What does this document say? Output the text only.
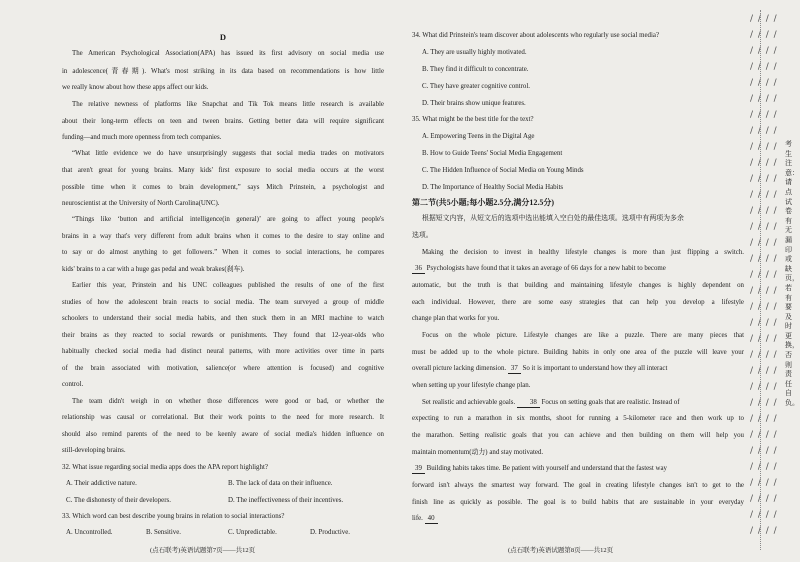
D
The American Psychological Association(APA) has issued its first advisory on social media use
in adolescence(青春期). What's most striking in its data based on recommendations is how little
we really know about how these apps affect our kids.
The relative newness of platforms like Snapchat and Tik Tok means little research is available
about their long-term effects on teen and tween brains. Getting better data will require significant
funding—and much more openness from tech companies.
“What little evidence we do have unsurprisingly suggests that social media trades on motivators
that aren't great for young brains. Many kids' first exposure to social media occurs at the worst
possible time when it comes to brain development,” says Mitch Prinstein, a psychologist and
neuroscientist at the University of North Carolina(UNC).
“Things like ‘button and artificial intelligence(in general)’ are going to affect young people's
brains in a way that's very different from adult brains when it comes to the desire to stay online and
to say or do almost anything to get followers.” When it comes to social interactions, he compares
kids' brains to a car with a huge gas pedal and weak brakes(刹车).
Earlier this year, Prinstein and his UNC colleagues published the results of one of the first
studies of how the adolescent brain reacts to social media. The team surveyed a group of middle
schoolers to understand their social media habits, and then stuck them in an MRI machine to watch
their brains as they reacted to social rewards or punishments. They found that 12-year-olds who
habitually checked social media had distinct neural patterns, with more activities over time in parts
of the brain associated with motivation, salience(or where attention is focused) and cognitive
control.
The team didn't weigh in on whether those differences were good or bad, or whether the
relationship was causal or correlational. But their work points to the need for more research. It
should also remind parents of the need to be keenly aware of social media's hidden influence on
still-developing brains.
32. What issue regarding social media apps does the APA report highlight?
A. Their addictive nature.	B. The lack of data on their influence.
C. The dishonesty of their developers.	D. The ineffectiveness of their incentives.
33. Which word can best describe young brains in relation to social interactions?
A. Uncontrolled.	B. Sensitive.	C. Unpredictable.	D. Productive.
(点石联考)英语试题第7页——共12页
34. What did Prinstein's team discover about adolescents who regularly use social media?
A. They are usually highly motivated.
B. They find it difficult to concentrate.
C. They have greater cognitive control.
D. Their brains show unique features.
35. What might be the best title for the text?
A. Empowering Teens in the Digital Age
B. How to Guide Teens' Social Media Engagement
C. The Hidden Influence of Social Media on Young Minds
D. The Importance of Healthy Social Media Habits
第二节(共5小题;每小题2.5分,满分12.5分)
根据短文内容，从短文后的选项中选出能填入空白处的最佳选项。选项中有两项为多余
选项。
Making the decision to invest in healthy lifestyle changes is more than just flipping a switch.
36 Psychologists have found that it takes an average of 66 days for a new habit to become
automatic, but the truth is that building and maintaining lifestyle changes is highly dependent on
each individual. However, there are some easy strategies that can help you develop a lifestyle
change plan that works for you.
Focus on the whole picture. Lifestyle changes are like a puzzle. There are many pieces that
must be added up to the whole picture. Building habits in only one area of the puzzle will leave your
overall picture lacking dimension. 37 So it is important to understand how they all interact
when setting up your lifestyle change plan.
Set realistic and achievable goals. 38 Focus on setting goals that are realistic. Instead of
expecting to run a marathon in six months, shoot for running a 5-kilometer race and then work up to
the marathon. Setting realistic goals that you can achieve and then building on them will help you
maintain momentum(动力) and stay motivated.
39 Building habits takes time. Be patient with yourself and understand that the fastest way
forward isn't always the smartest way forward. The goal in creating lifestyle changes isn't to get to the
finish line as quickly as possible. The goal is to build habits that are sustainable in your everyday
life. 40
(点石联考)英语试题第8页——共12页
/ / / /
/ / / /
/ / / /
/ / / /
/ / / /
/ / / /
/ / / /
/ / / /
/ / / /
/ / / /
/ / / /
/ / / /
/ / / /
/ / / /
/ / / /
/ / / /
/ / / /
/ / / /
/ / / /
/ / / /
/ / / /
/ / / /
/ / / /
/ / / /
/ / / /
/ / / /
/ / / /
/ / / /
/ / / /
/ / / /
/ / / /
/ / / /
/ / / /
考生注意：请点试卷有无漏印或缺页，若有要及时更换，否则责任自负。
